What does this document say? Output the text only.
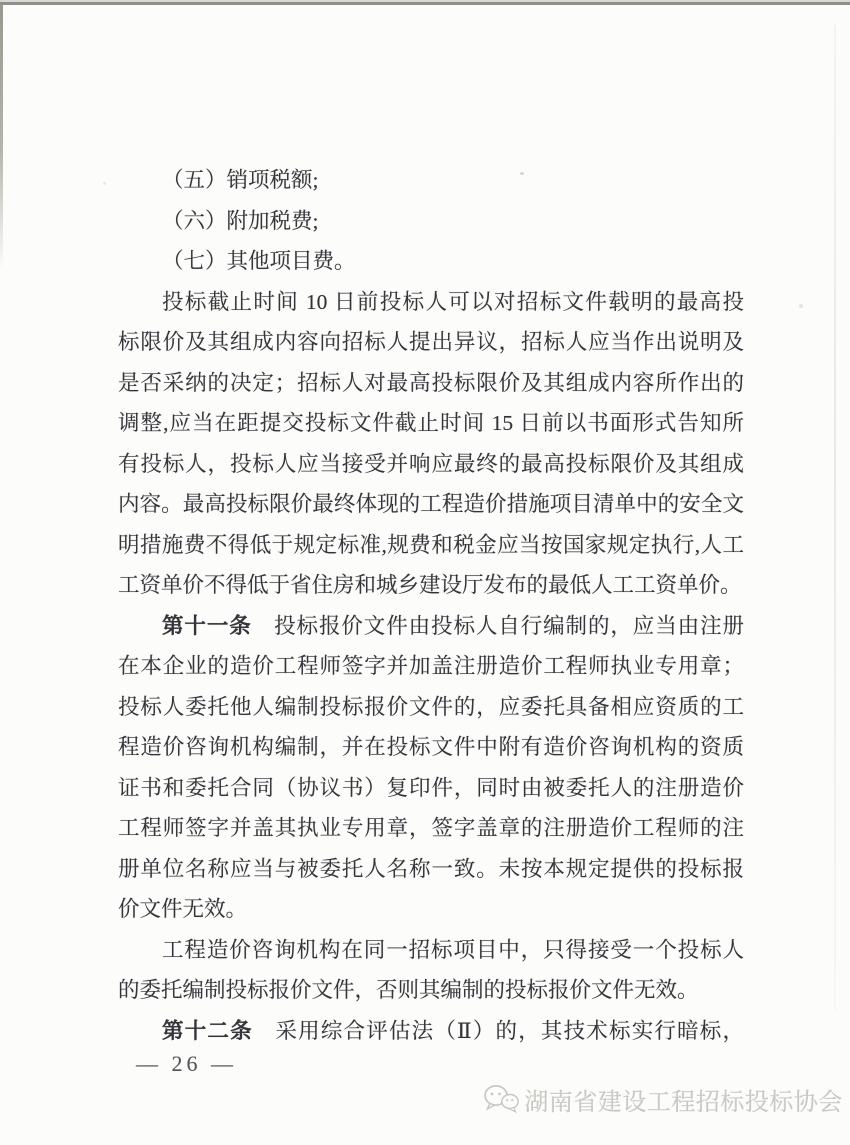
（五）销项税额;
（六）附加税费;
（七）其他项目费。
投标截止时间 10 日前投标人可以对招标文件载明的最高投
标限价及其组成内容向招标人提出异议，招标人应当作出说明及
是否采纳的决定；招标人对最高投标限价及其组成内容所作出的
调整,应当在距提交投标文件截止时间 15 日前以书面形式告知所
有投标人，投标人应当接受并响应最终的最高投标限价及其组成
内容。最高投标限价最终体现的工程造价措施项目清单中的安全文
明措施费不得低于规定标准,规费和税金应当按国家规定执行,人工
工资单价不得低于省住房和城乡建设厅发布的最低人工工资单价。
第十一条　投标报价文件由投标人自行编制的，应当由注册
在本企业的造价工程师签字并加盖注册造价工程师执业专用章；
投标人委托他人编制投标报价文件的，应委托具备相应资质的工
程造价咨询机构编制，并在投标文件中附有造价咨询机构的资质
证书和委托合同（协议书）复印件，同时由被委托人的注册造价
工程师签字并盖其执业专用章，签字盖章的注册造价工程师的注
册单位名称应当与被委托人名称一致。未按本规定提供的投标报
价文件无效。
工程造价咨询机构在同一招标项目中，只得接受一个投标人
的委托编制投标报价文件，否则其编制的投标报价文件无效。
第十二条　采用综合评估法（Ⅱ）的，其技术标实行暗标，
— 26 —
湖南省建设工程招标投标协会
